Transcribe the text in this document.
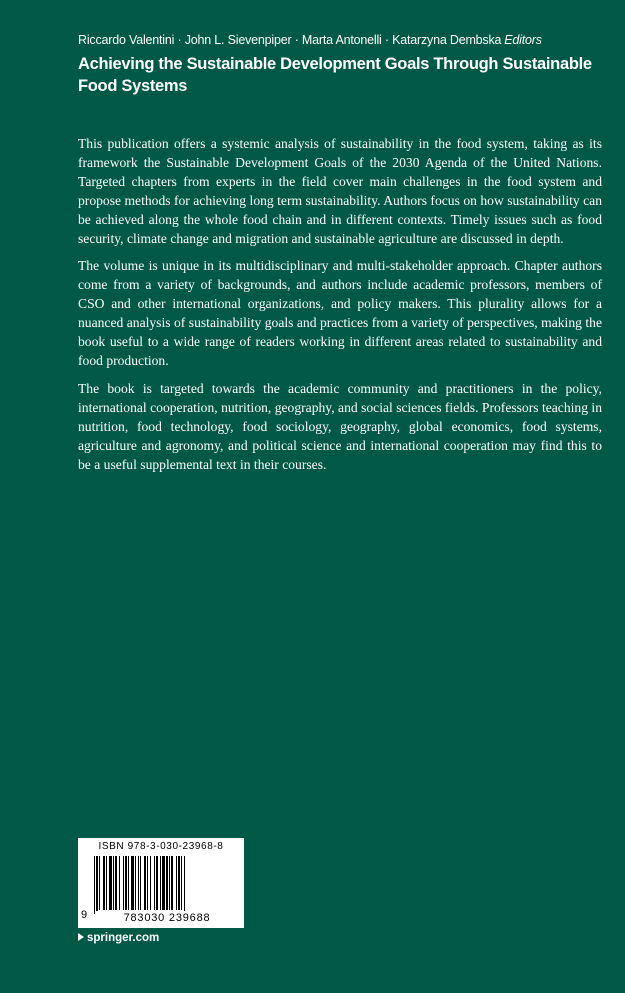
Riccardo Valentini · John L. Sievenpiper · Marta Antonelli · Katarzyna Dembska Editors
Achieving the Sustainable Development Goals Through Sustainable Food Systems

This publication offers a systemic analysis of sustainability in the food system, taking as its framework the Sustainable Development Goals of the 2030 Agenda of the United Nations. Targeted chapters from experts in the field cover main challenges in the food system and propose methods for achieving long term sustainability. Authors focus on how sustainability can be achieved along the whole food chain and in different contexts. Timely issues such as food security, climate change and migration and sustainable agriculture are discussed in depth.

The volume is unique in its multidisciplinary and multi-stakeholder approach. Chapter authors come from a variety of backgrounds, and authors include academic professors, members of CSO and other international organizations, and policy makers. This plurality allows for a nuanced analysis of sustainability goals and practices from a variety of perspectives, making the book useful to a wide range of readers working in different areas related to sustainability and food production.

The book is targeted towards the academic community and practitioners in the policy, international cooperation, nutrition, geography, and social sciences fields. Professors teaching in nutrition, food technology, food sociology, geography, global economics, food systems, agriculture and agronomy, and political science and international cooperation may find this to be a useful supplemental text in their courses.

ISBN 978-3-030-23968-8
9	783030 239688
springer.com
